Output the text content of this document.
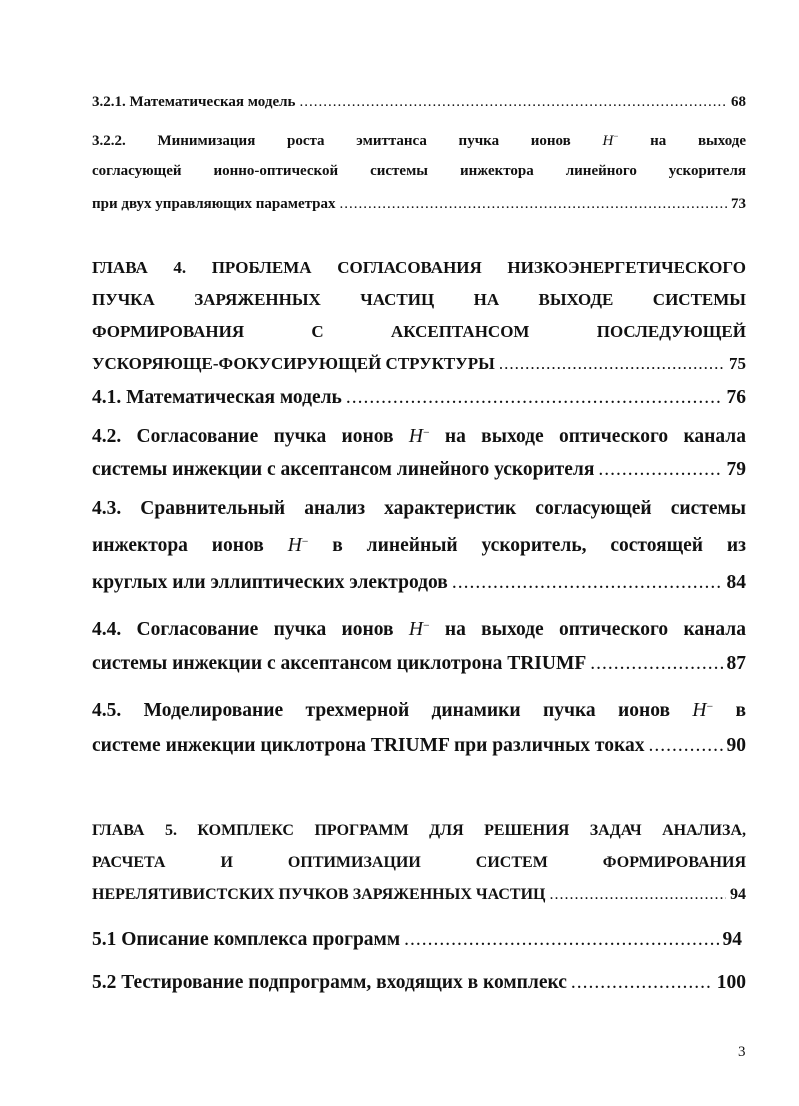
3.2.1. Математическая модель .....	68
3.2.2. Минимизация роста эмиттанса пучка ионов H− на выходе
согласующей ионно-оптической системы инжектора линейного ускорителя
при двух управляющих параметрах .....	73
ГЛАВА 4. ПРОБЛЕМА СОГЛАСОВАНИЯ НИЗКОЭНЕРГЕТИЧЕСКОГО
ПУЧКА ЗАРЯЖЕННЫХ ЧАСТИЦ НА ВЫХОДЕ СИСТЕМЫ
ФОРМИРОВАНИЯ С АКСЕПТАНСОМ ПОСЛЕДУЮЩЕЙ
УСКОРЯЮЩЕ-ФОКУСИРУЮЩЕЙ СТРУКТУРЫ .....	75
4.1. Математическая модель .....	76
4.2. Согласование пучка ионов H− на выходе оптического канала
системы инжекции с аксептансом линейного ускорителя .....	79
4.3. Сравнительный анализ характеристик согласующей системы
инжектора ионов H− в линейный ускоритель, состоящей из
круглых или эллиптических электродов .....	84
4.4. Согласование пучка ионов H− на выходе оптического канала
системы инжекции с аксептансом циклотрона TRIUMF .....	87
4.5. Моделирование трехмерной динамики пучка ионов H− в
системе инжекции циклотрона TRIUMF при различных токах .....	90
ГЛАВА 5. КОМПЛЕКС ПРОГРАММ ДЛЯ РЕШЕНИЯ ЗАДАЧ АНАЛИЗА,
РАСЧЕТА И ОПТИМИЗАЦИИ СИСТЕМ ФОРМИРОВАНИЯ
НЕРЕЛЯТИВИСТСКИХ ПУЧКОВ ЗАРЯЖЕННЫХ ЧАСТИЦ .....	94
5.1 Описание комплекса программ .....	94
5.2 Тестирование подпрограмм, входящих в комплекс .....	100
3
